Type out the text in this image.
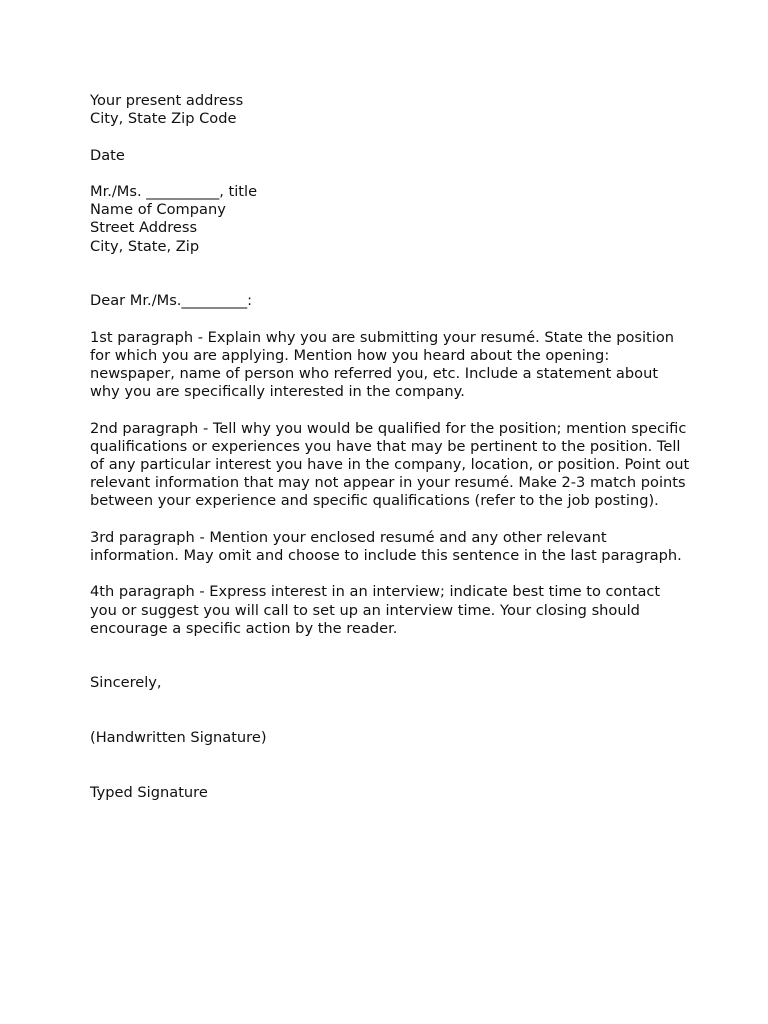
Your present address
City, State Zip Code
Date
Mr./Ms. __________, title
Name of Company
Street Address
City, State, Zip
Dear Mr./Ms._________:

1st paragraph - Explain why you are submitting your resumé. State the position for which you are applying. Mention how you heard about the opening: newspaper, name of person who referred you, etc. Include a statement about why you are specifically interested in the company.

2nd paragraph - Tell why you would be qualified for the position; mention specific qualifications or experiences you have that may be pertinent to the position. Tell of any particular interest you have in the company, location, or position. Point out relevant information that may not appear in your resumé. Make 2-3 match points between your experience and specific qualifications (refer to the job posting).

3rd paragraph - Mention your enclosed resumé and any other relevant information. May omit and choose to include this sentence in the last paragraph.

4th paragraph - Express interest in an interview; indicate best time to contact you or suggest you will call to set up an interview time. Your closing should encourage a specific action by the reader.

Sincerely,
(Handwritten Signature)
Typed Signature
